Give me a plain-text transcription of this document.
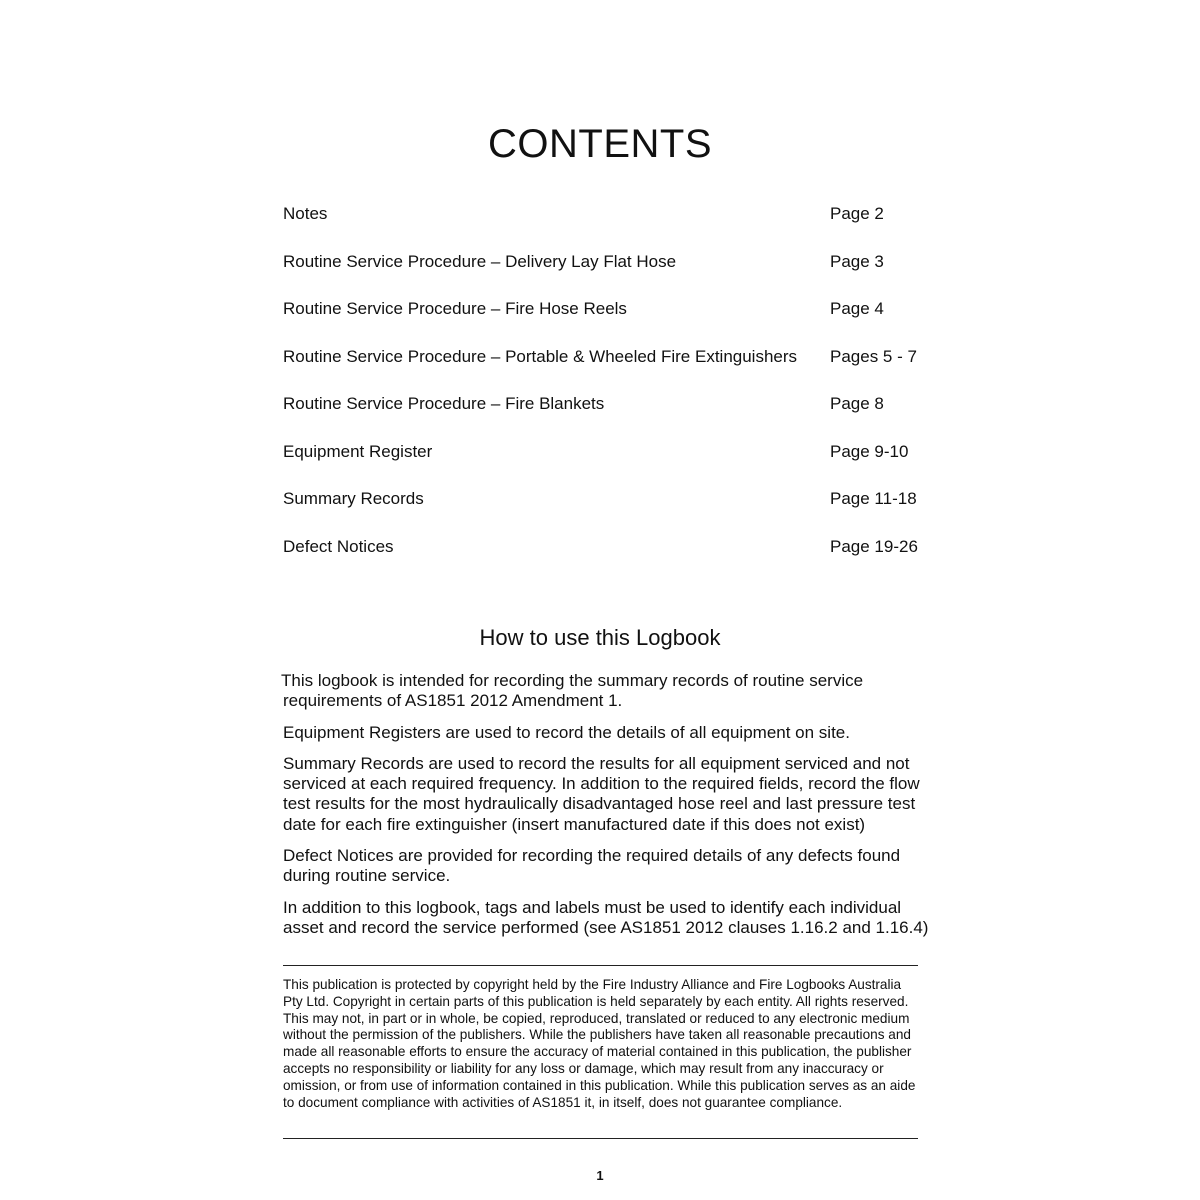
CONTENTS
Notes	Page 2
Routine Service Procedure – Delivery Lay Flat Hose	Page 3
Routine Service Procedure – Fire Hose Reels	Page 4
Routine Service Procedure – Portable & Wheeled Fire Extinguishers Pages 5 - 7
Routine Service Procedure – Fire Blankets	Page 8
Equipment Register	Page 9-10
Summary Records	Page 11-18
Defect Notices	Page 19-26
How to use this Logbook

This logbook is intended for recording the summary records of routine service requirements of AS1851 2012 Amendment 1.

Equipment Registers are used to record the details of all equipment on site.

Summary Records are used to record the results for all equipment serviced and not serviced at each required frequency. In addition to the required fields, record the flow test results for the most hydraulically disadvantaged hose reel and last pressure test date for each fire extinguisher (insert manufactured date if this does not exist)

Defect Notices are provided for recording the required details of any defects found during routine service.

In addition to this logbook, tags and labels must be used to identify each individual asset and record the service performed (see AS1851 2012 clauses 1.16.2 and 1.16.4)

This publication is protected by copyright held by the Fire Industry Alliance and Fire Logbooks Australia Pty Ltd. Copyright in certain parts of this publication is held separately by each entity. All rights reserved. This may not, in part or in whole, be copied, reproduced, translated or reduced to any electronic medium without the permission of the publishers. While the publishers have taken all reasonable precautions and made all reasonable efforts to ensure the accuracy of material contained in this publication, the publisher accepts no responsibility or liability for any loss or damage, which may result from any inaccuracy or omission, or from use of information contained in this publication. While this publication serves as an aide to document compliance with activities of AS1851 it, in itself, does not guarantee compliance.
1
